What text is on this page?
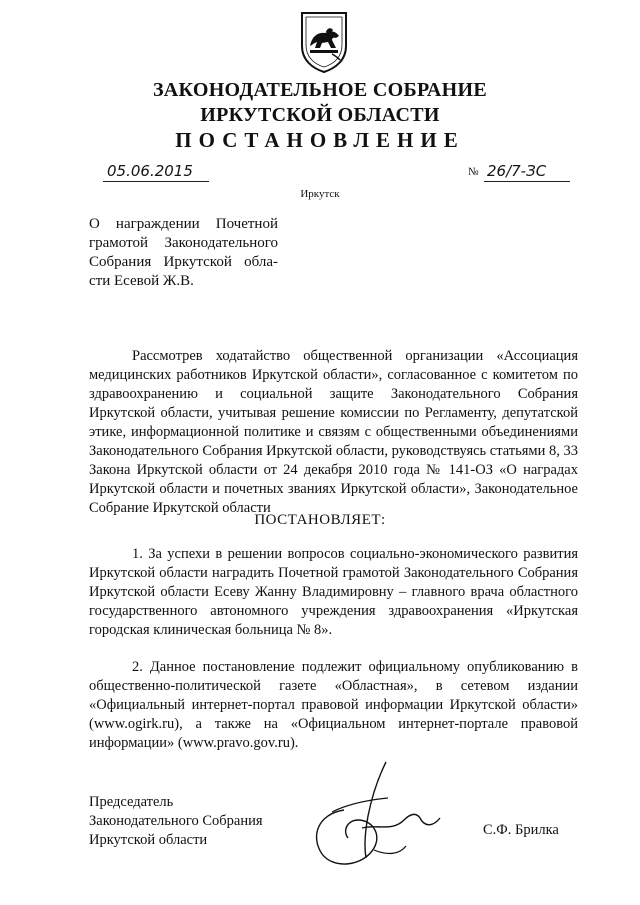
ЗАКОНОДАТЕЛЬНОЕ СОБРАНИЕ
ИРКУТСКОЙ ОБЛАСТИ
ПОСТАНОВЛЕНИЕ
05.06.2015	№ 26/7-ЗС
Иркутск
О награждении Почетной грамотой Законодательного Собрания Иркутской обла-сти Есевой Ж.В.
Рассмотрев ходатайство общественной организации «Ассоциация медицинских работников Иркутской области», согласованное с комитетом по здравоохранению и социальной защите Законодательного Собрания Иркутской области, учитывая решение комиссии по Регламенту, депутатской этике, информационной политике и связям с общественными объединениями Законодательного Собрания Иркутской области, руководствуясь статьями 8, 33 Закона Иркутской области от 24 декабря 2010 года № 141-ОЗ «О наградах Иркутской области и почетных званиях Иркутской области», Законодательное Собрание Иркутской области
ПОСТАНОВЛЯЕТ:
1. За успехи в решении вопросов социально-экономического развития Иркутской области наградить Почетной грамотой Законодательного Собрания Иркутской области Есеву Жанну Владимировну – главного врача областного государственного автономного учреждения здравоохранения «Иркутская городская клиническая больница № 8».
2. Данное постановление подлежит официальному опубликованию в общественно-политической газете «Областная», в сетевом издании «Официальный интернет-портал правовой информации Иркутской области» (www.ogirk.ru), а также на «Официальном интернет-портале правовой информации» (www.pravo.gov.ru).
Председатель
Законодательного Собрания
Иркутской области
С.Ф. Брилка
